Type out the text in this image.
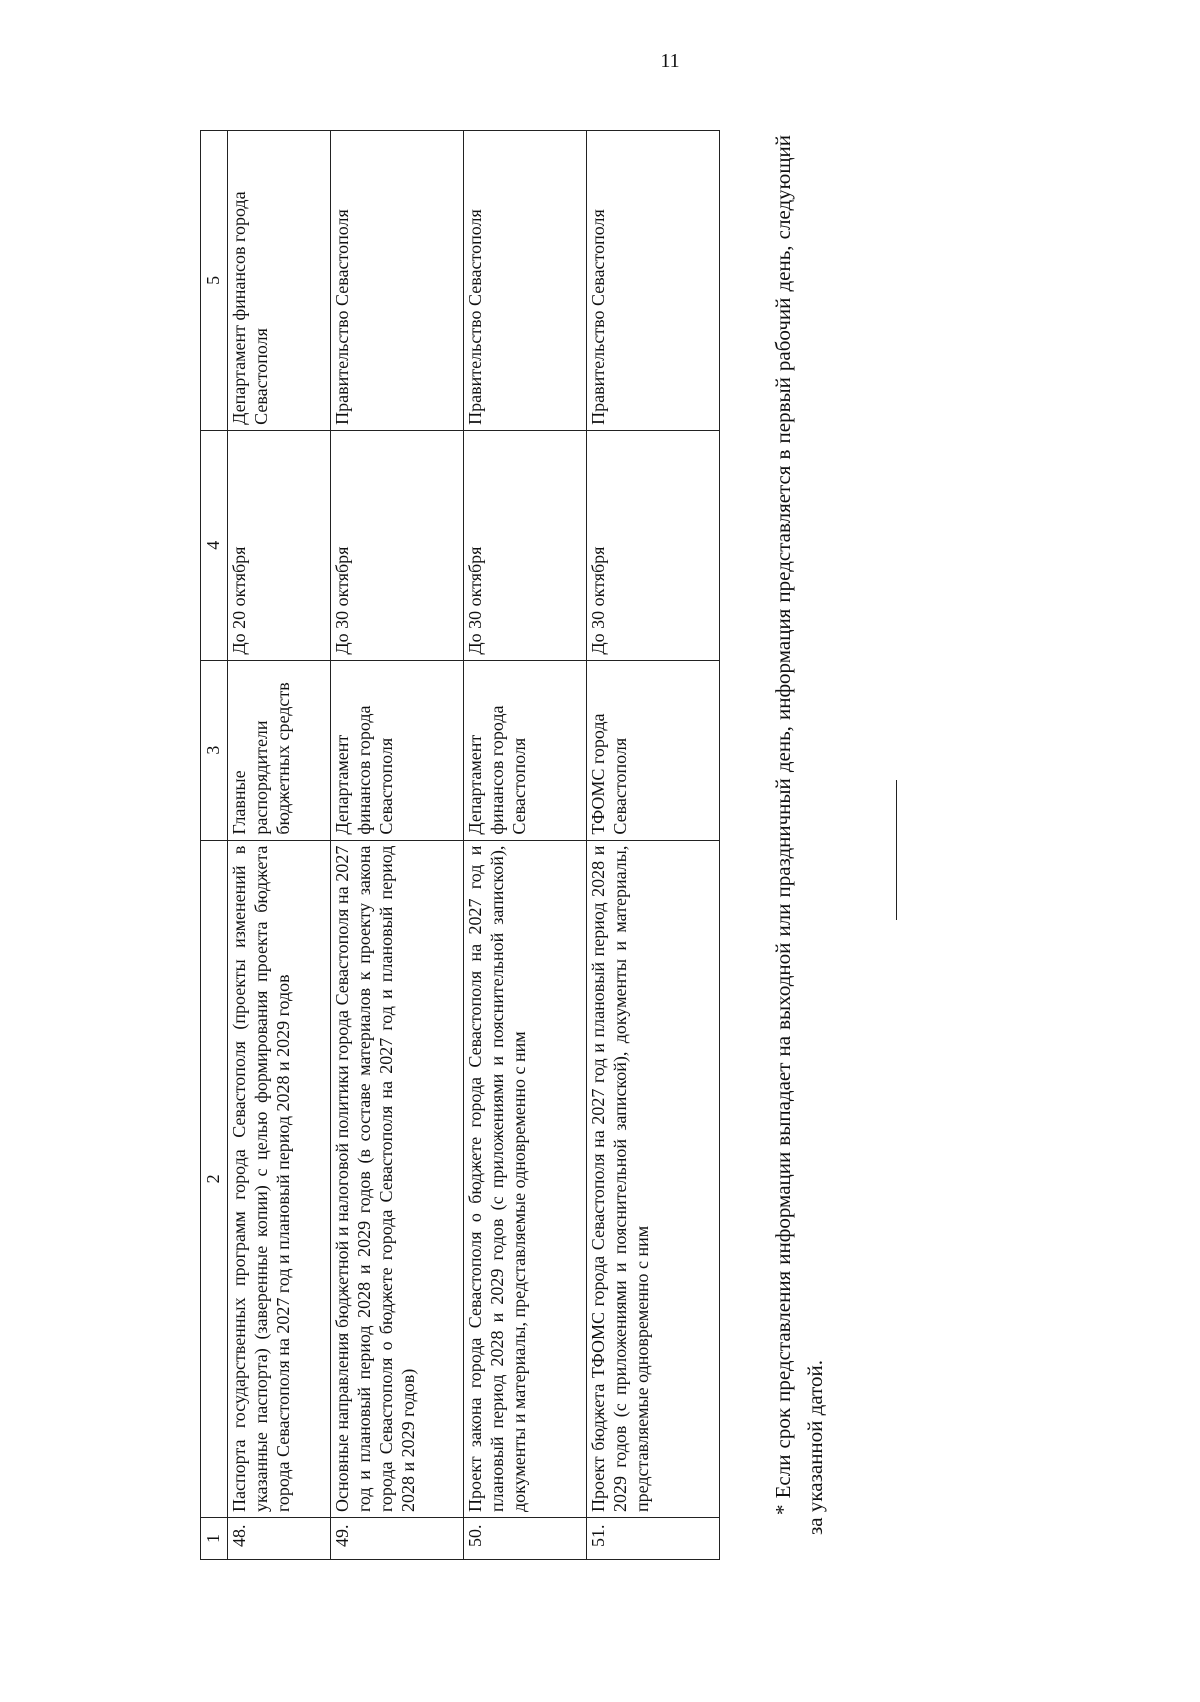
11
1	2	3	4	5
48.	Паспорта государственных программ города Севастополя (проекты изменений в указанные паспорта) (заверенные копии) с целью формирования проекта бюджета города Севастополя на 2027 год и плановый период 2028 и 2029 годов	Главные распорядители бюджетных средств	До 20 октября	Департамент финансов города Севастополя
49.	Основные направления бюджетной и налоговой политики города Севастополя на 2027 год и плановый период 2028 и 2029 годов (в составе материалов к проекту закона города Севастополя о бюджете города Севастополя на 2027 год и плановый период 2028 и 2029 годов)	Департамент финансов города Севастополя	До 30 октября	Правительство Севастополя
50.	Проект закона города Севастополя о бюджете города Севастополя на 2027 год и плановый период 2028 и 2029 годов (с приложениями и пояснительной запиской), документы и материалы, представляемые одновременно с ним	Департамент финансов города Севастополя	До 30 октября	Правительство Севастополя
51.	Проект бюджета ТФОМС города Севастополя на 2027 год и плановый период 2028 и 2029 годов (с приложениями и пояснительной запиской), документы и материалы, представляемые одновременно с ним	ТФОМС города Севастополя	До 30 октября	Правительство Севастополя	* Если срок представления информации выпадает на выходной или праздничный день, информация представляется в первый рабочий день, следующий за указанной датой.
